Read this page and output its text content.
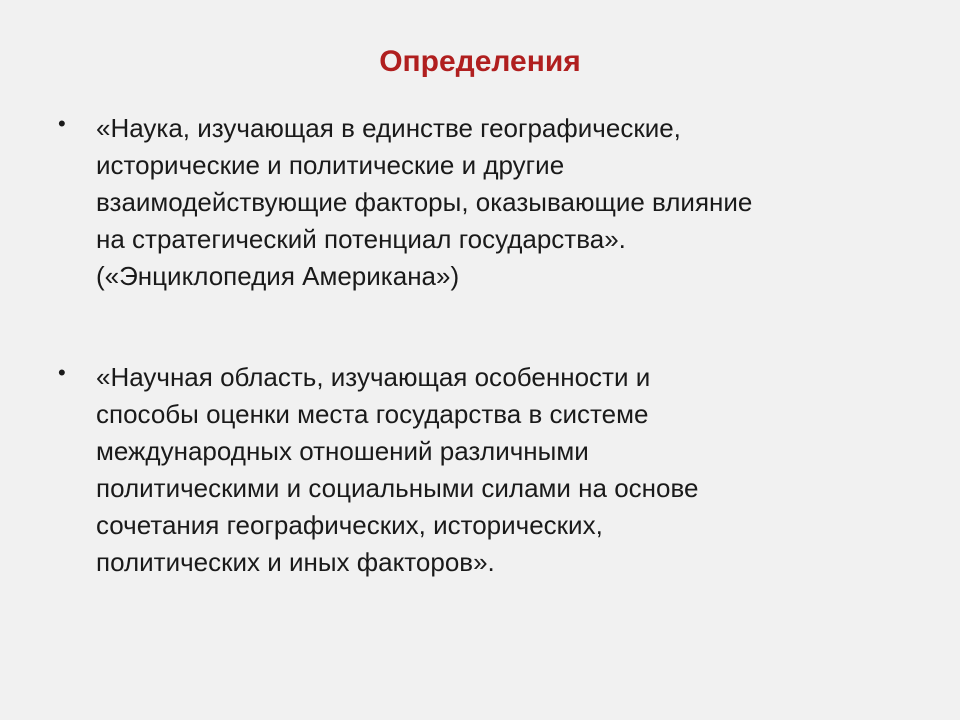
Определения
• «Наука, изучающая в единстве географические,
исторические и политические и другие
взаимодействующие факторы, оказывающие влияние
на стратегический потенциал государства».
(«Энциклопедия Американа»)
• «Научная область, изучающая особенности и
способы оценки места государства в системе
международных отношений различными
политическими и социальными силами на основе
сочетания географических, исторических,
политических и иных факторов».
